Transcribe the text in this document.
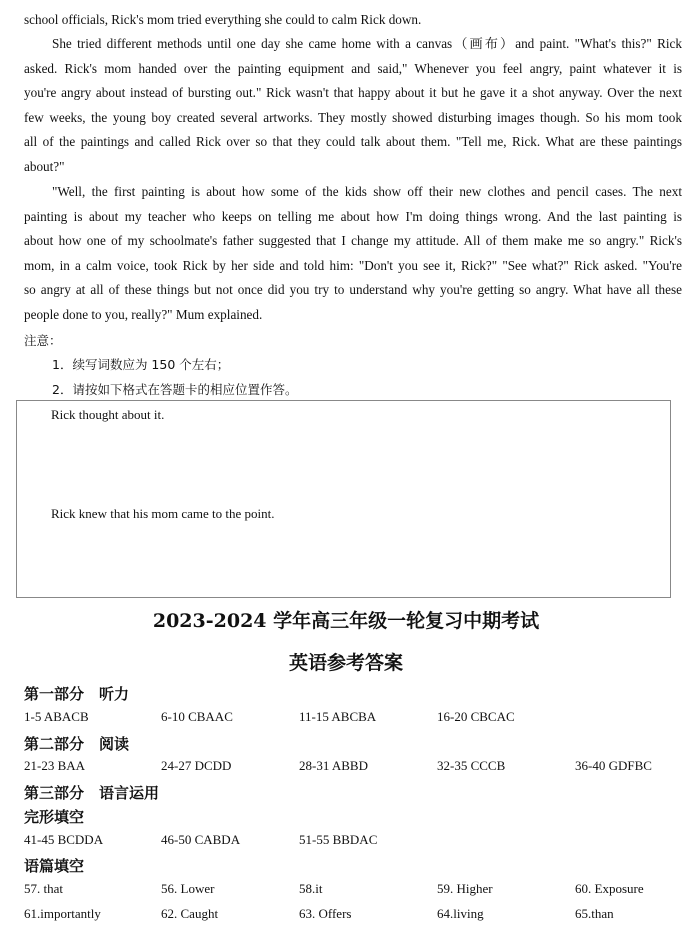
school officials, Rick's mom tried everything she could to calm Rick down.
She tried different methods until one day she came home with a canvas（画布）and paint. "What's this?" Rick
asked. Rick's mom handed over the painting equipment and said," Whenever you feel angry, paint whatever it is
you're angry about instead of bursting out." Rick wasn't that happy about it but he gave it a shot anyway. Over the next
few weeks, the young boy created several artworks. They mostly showed disturbing images though. So his mom took
all of the paintings and called Rick over so that they could talk about them. "Tell me, Rick. What are these paintings
about?"
"Well, the first painting is about how some of the kids show off their new clothes and pencil cases. The next
painting is about my teacher who keeps on telling me about how I'm doing things wrong. And the last painting is
about how one of my schoolmate's father suggested that I change my attitude. All of them make me so angry." Rick's
mom, in a calm voice, took Rick by her side and told him: "Don't you see it, Rick?" "See what?" Rick asked. "You're
so angry at all of these things but not once did you try to understand why you're getting so angry. What have all these
people done to you, really?" Mum explained.
注意：
1．续写词数应为 150 个左右；
2．请按如下格式在答题卡的相应位置作答。
Rick thought about it.
Rick knew that his mom came to the point.
2023-2024 学年高三年级一轮复习中期考试
英语参考答案
第一部分　听力
1-5 ABACB	6-10 CBAAC	11-15 ABCBA	16-20 CBCAC
第二部分　阅读
21-23 BAA	24-27 DCDD	28-31 ABBD	32-35 CCCB	36-40 GDFBC
第三部分　语言运用
完形填空
41-45 BCDDA	46-50 CABDA	51-55 BBDAC
语篇填空
57. that	56. Lower	58.it	59. Higher	60. Exposure
61.importantly	62. Caught	63. Offers	64.living	65.than
